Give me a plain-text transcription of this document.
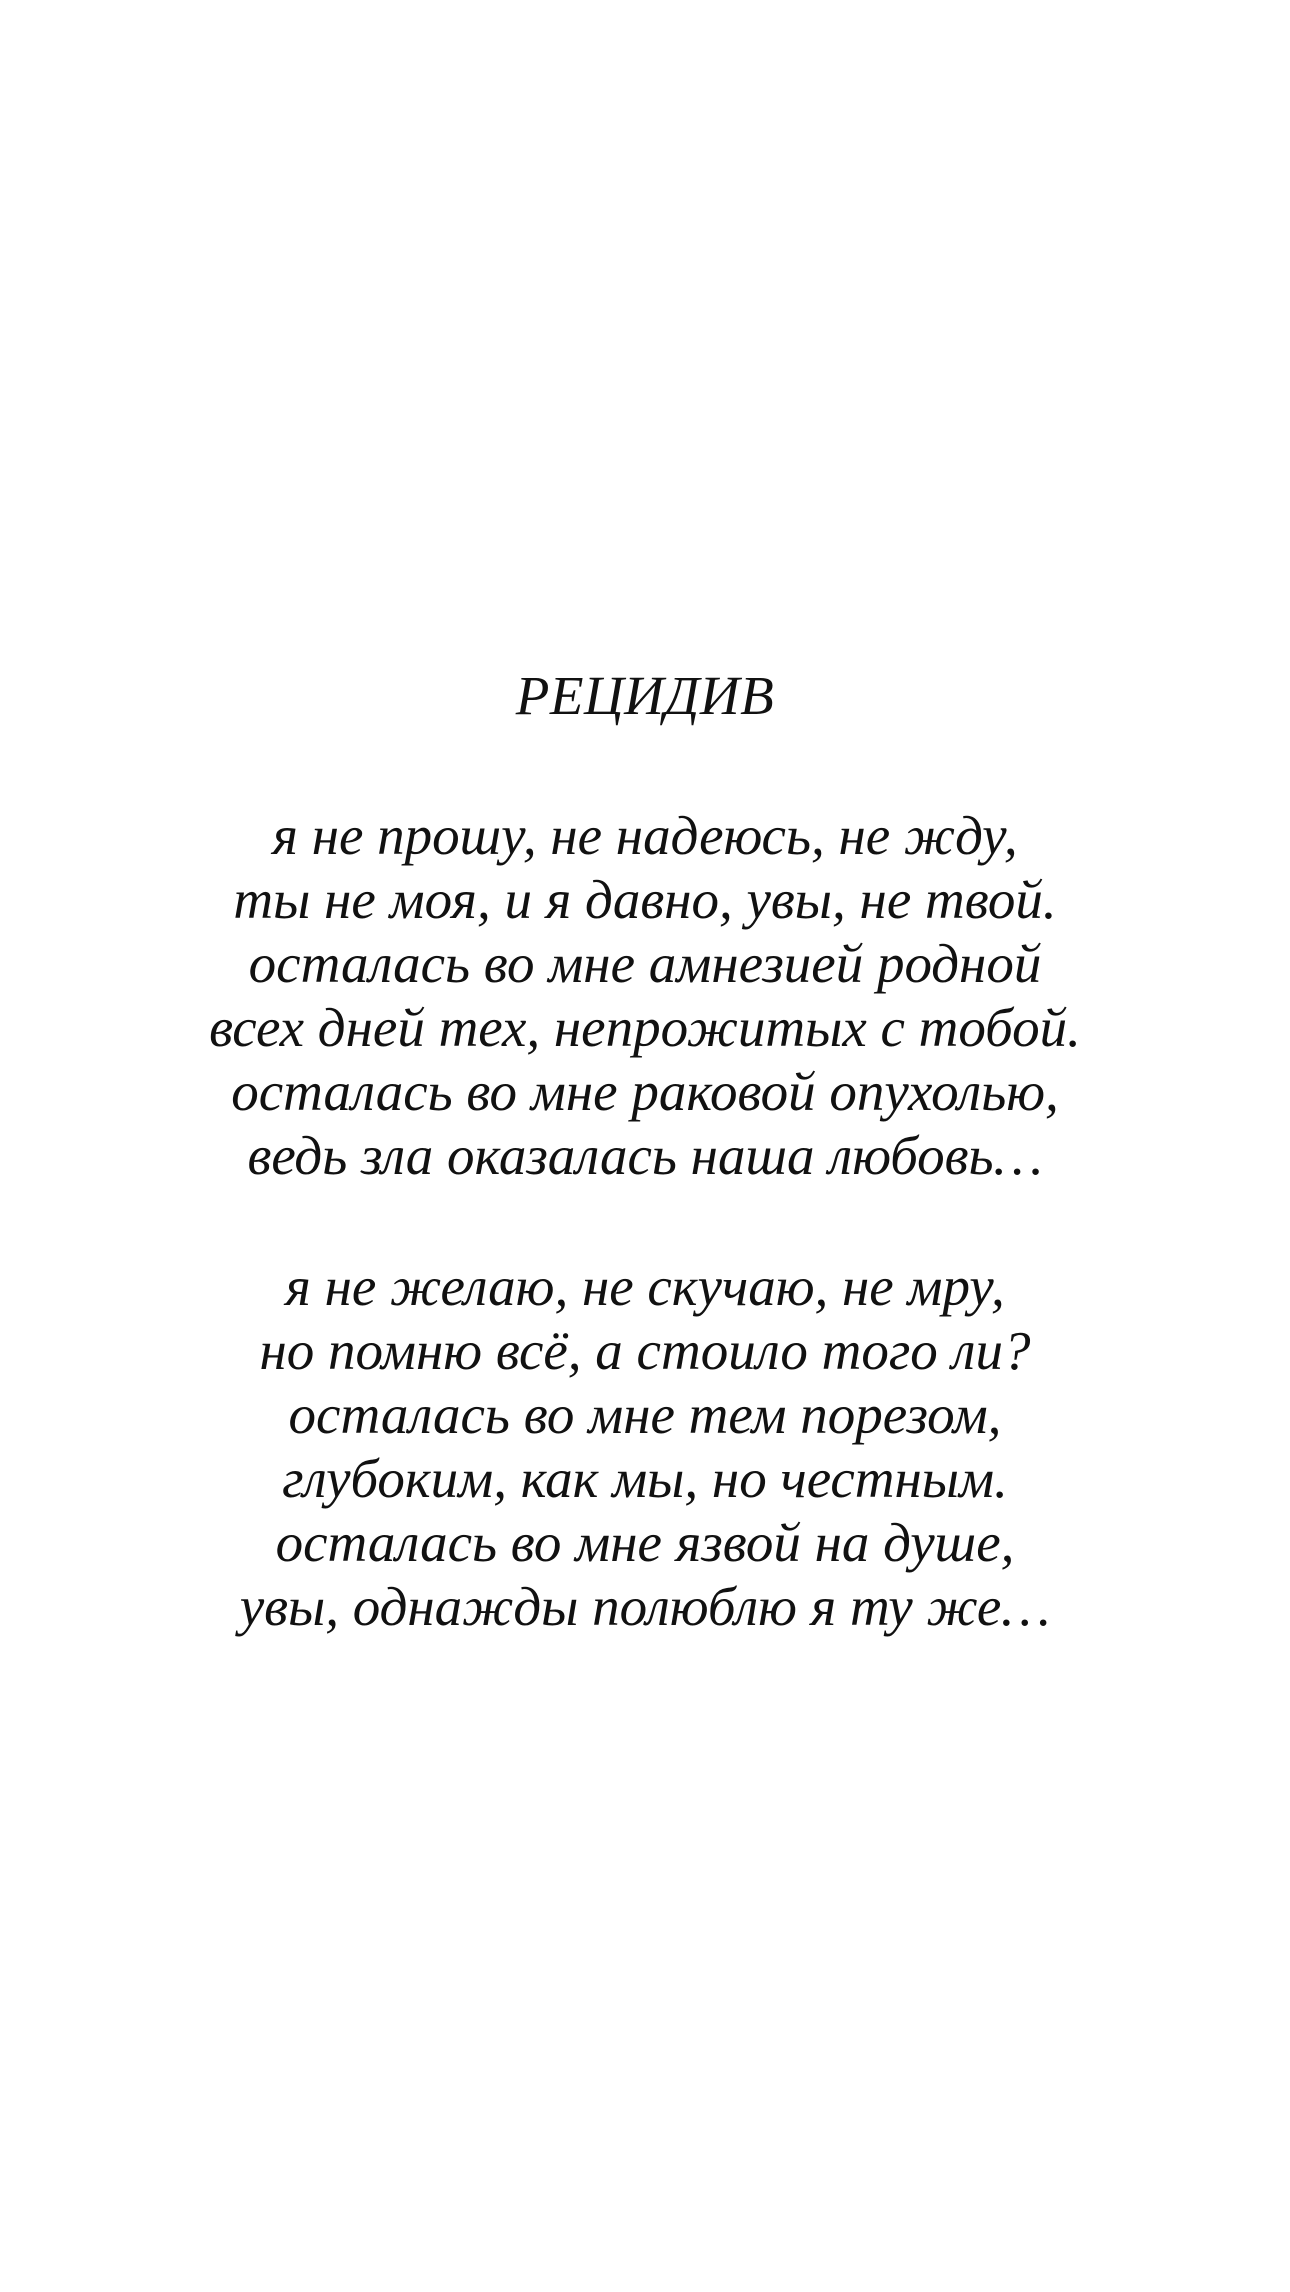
РЕЦИДИВ
я не прошу, не надеюсь, не жду,
ты не моя, и я давно, увы, не твой.
осталась во мне амнезией родной
всех дней тех, непрожитых с тобой.
осталась во мне раковой опухолью,
ведь зла оказалась наша любовь…
я не желаю, не скучаю, не мру,
но помню всё, а стоило того ли?
осталась во мне тем порезом,
глубоким, как мы, но честным.
осталась во мне язвой на душе,
увы, однажды полюблю я ту же…
